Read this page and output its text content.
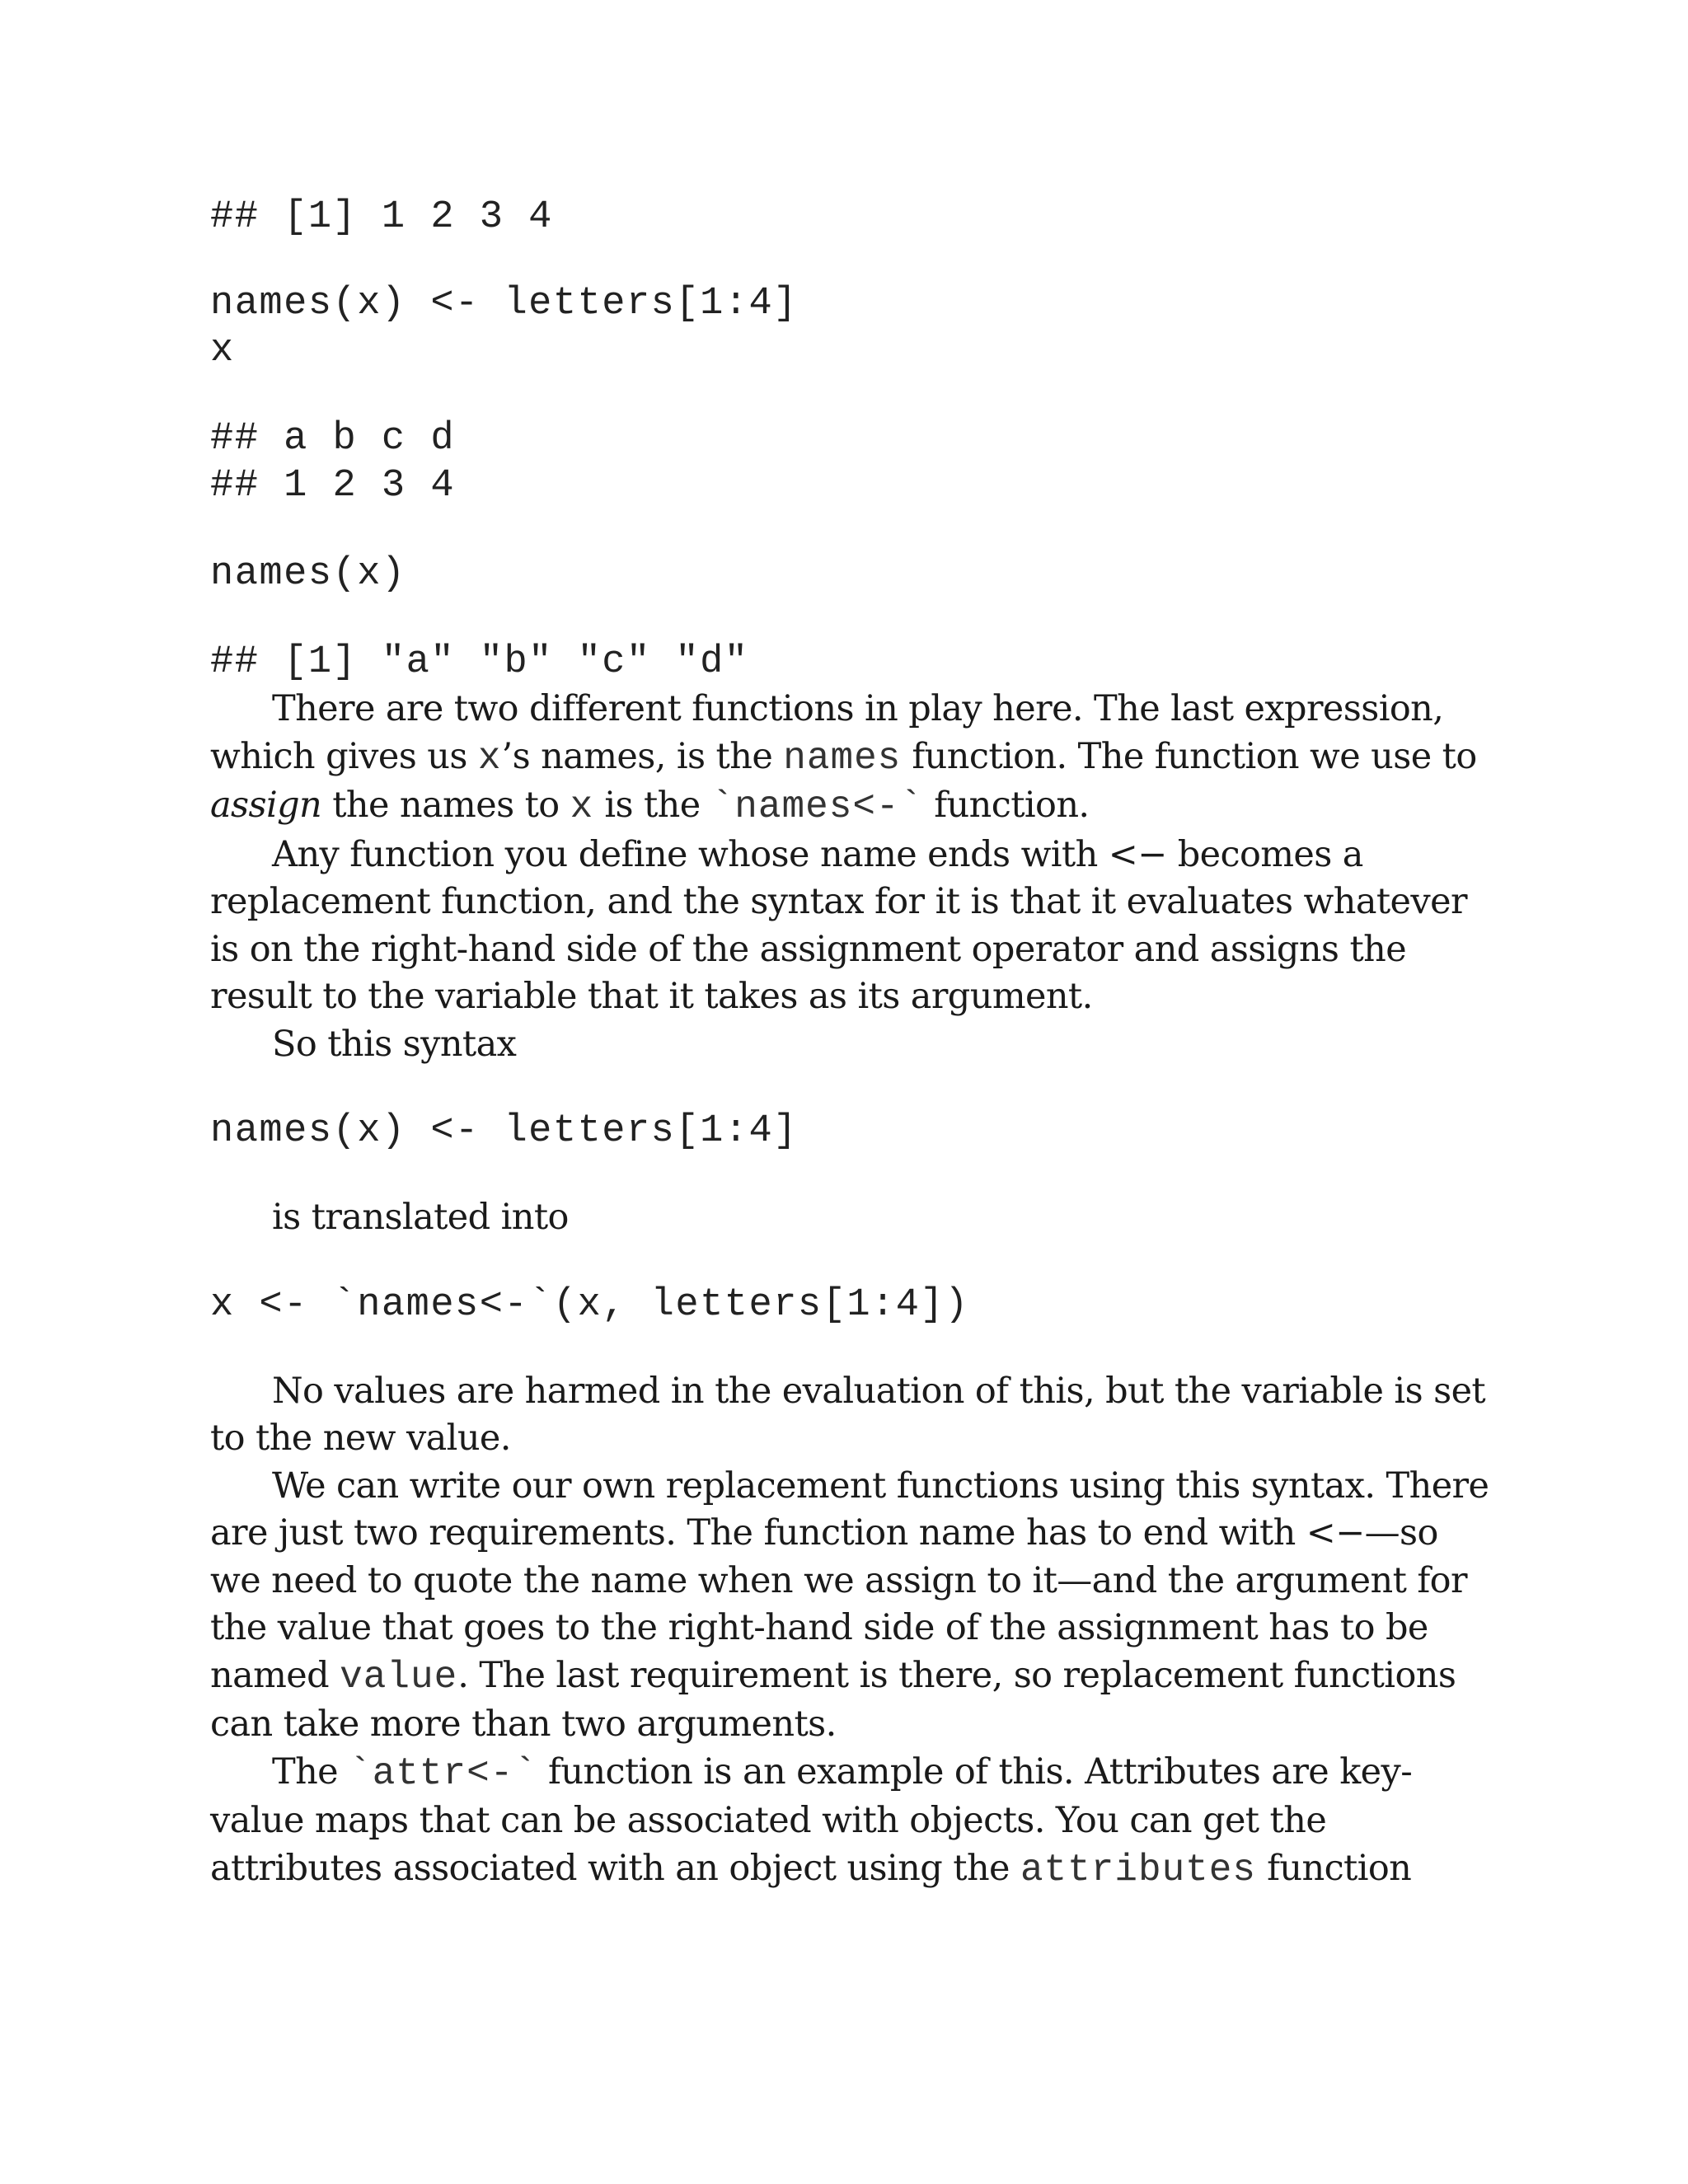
## [1] 1 2 3 4
names(x) <- letters[1:4]
x
## a b c d
## 1 2 3 4
names(x)
## [1] "a" "b" "c" "d"

There are two different functions in play here. The last expression, which gives us x’s names, is the names function. The function we use to assign the names to x is the `names<-` function.

Any function you define whose name ends with <− becomes a replacement function, and the syntax for it is that it evaluates whatever is on the right-hand side of the assignment operator and assigns the result to the variable that it takes as its argument.

So this syntax

names(x) <- letters[1:4]

is translated into

x <- `names<-`(x, letters[1:4])

No values are harmed in the evaluation of this, but the variable is set to the new value.

We can write our own replacement functions using this syntax. There are just two requirements. The function name has to end with <−—so we need to quote the name when we assign to it—and the argument for the value that goes to the right-hand side of the assignment has to be named value. The last requirement is there, so replacement functions can take more than two arguments.

The `attr<-` function is an example of this. Attributes are key-value maps that can be associated with objects. You can get the attributes associated with an object using the attributes function
